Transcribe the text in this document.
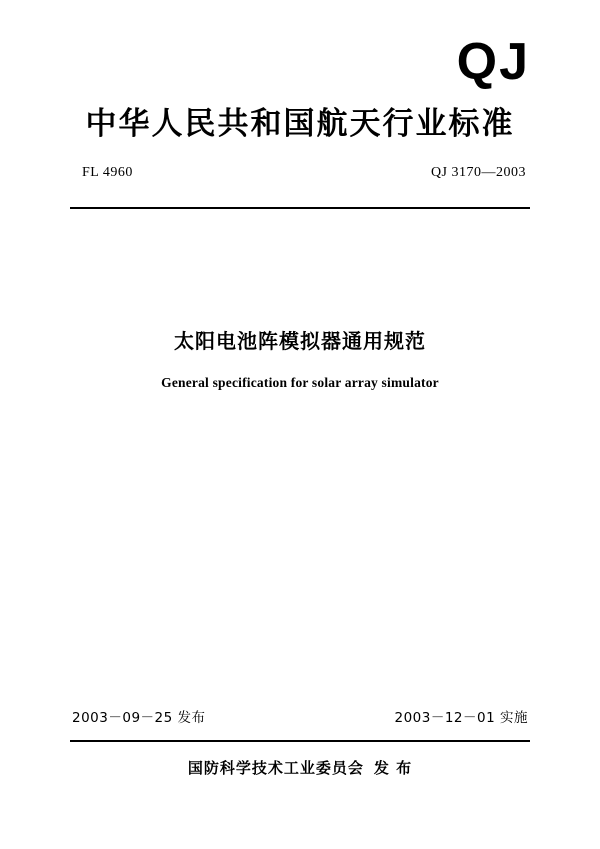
QJ
中华人民共和国航天行业标准
FL 4960	QJ 3170—2003
太阳电池阵模拟器通用规范
General specification for solar array simulator
2003－09－25 发布	2003－12－01 实施
国防科学技术工业委员会 发 布
